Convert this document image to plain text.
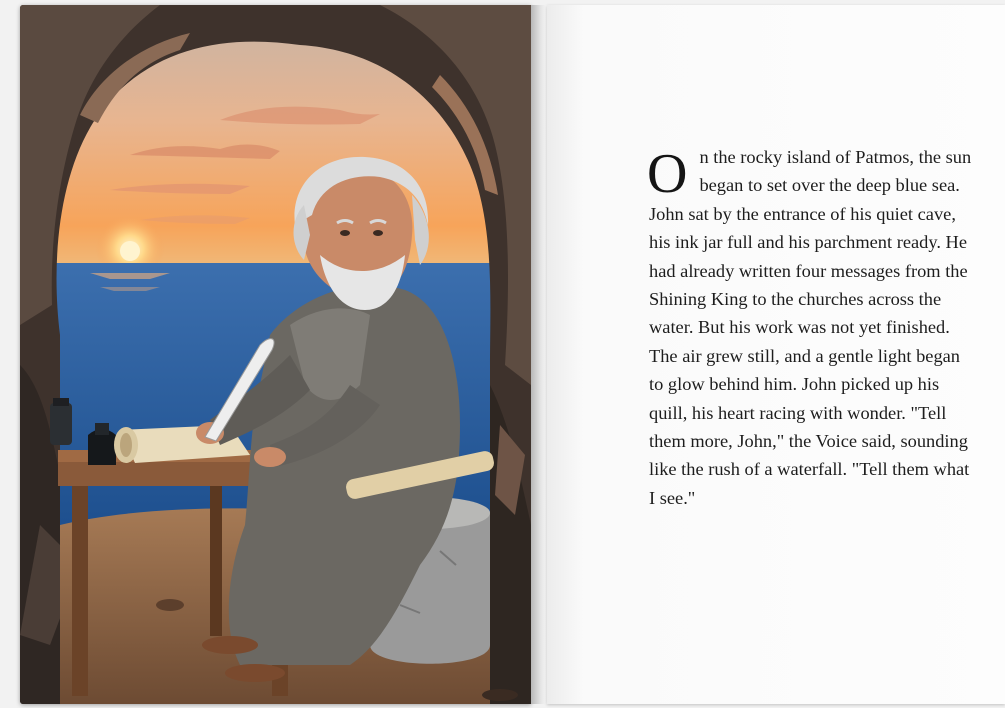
On the rocky island of Patmos, the sun began to set over the deep blue sea. John sat by the entrance of his quiet cave, his ink jar full and his parchment ready. He had already written four messages from the Shining King to the churches across the water. But his work was not yet finished. The air grew still, and a gentle light began to glow behind him. John picked up his quill, his heart racing with wonder. "Tell them more, John," the Voice said, sounding like the rush of a waterfall. "Tell them what I see."
